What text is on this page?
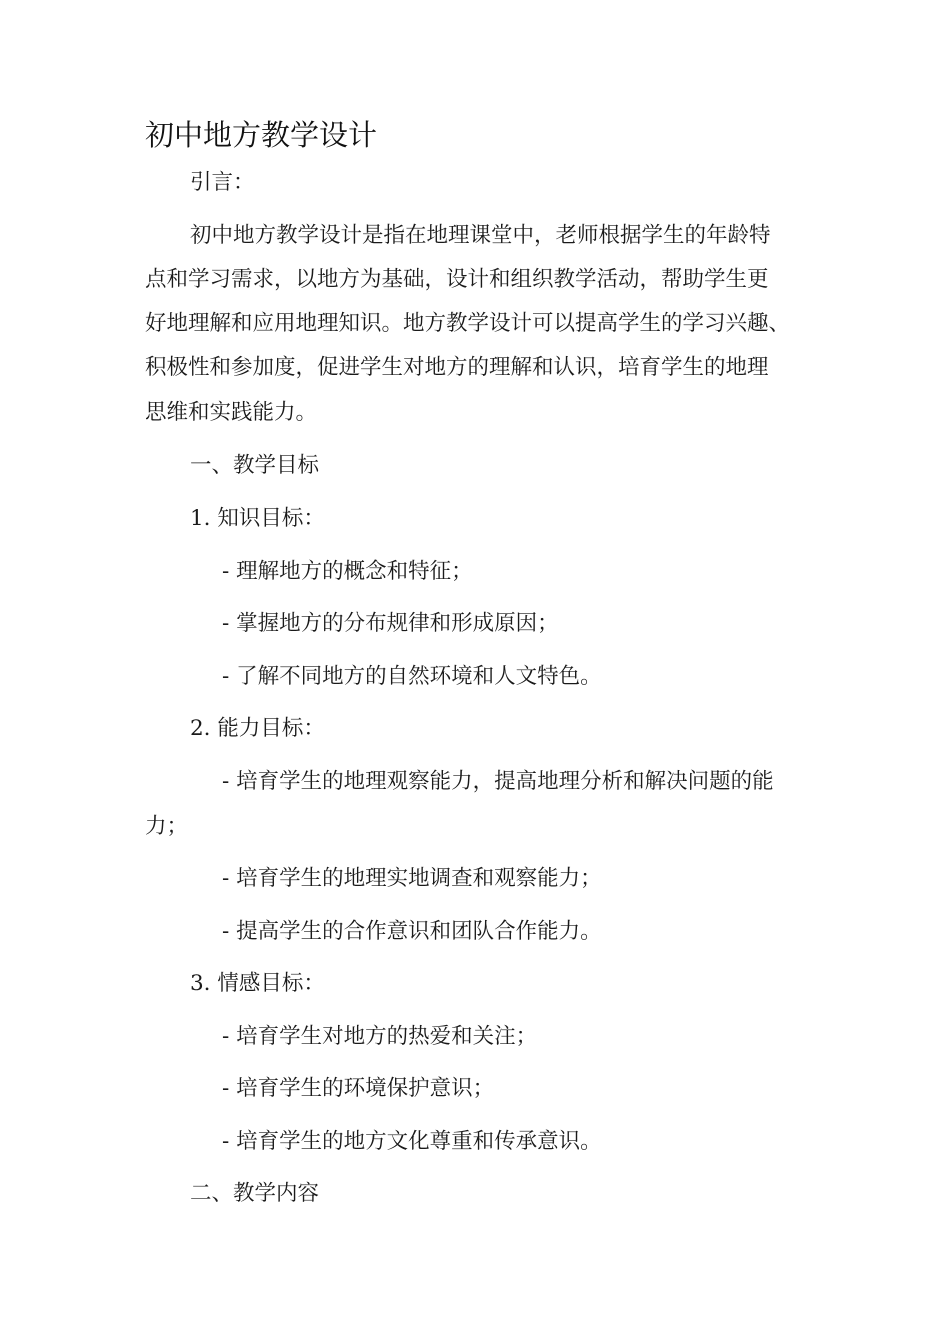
初中地方教学设计

引言：

初中地方教学设计是指在地理课堂中，老师根据学生的年龄特

点和学习需求，以地方为基础，设计和组织教学活动，帮助学生更

好地理解和应用地理知识。地方教学设计可以提高学生的学习兴趣、

积极性和参加度，促进学生对地方的理解和认识，培育学生的地理

思维和实践能力。

一、教学目标

1. 知识目标：

- 理解地方的概念和特征；

- 掌握地方的分布规律和形成原因；

- 了解不同地方的自然环境和人文特色。

2. 能力目标：

- 培育学生的地理观察能力，提高地理分析和解决问题的能

力；

- 培育学生的地理实地调查和观察能力；

- 提高学生的合作意识和团队合作能力。

3. 情感目标：

- 培育学生对地方的热爱和关注；

- 培育学生的环境保护意识；

- 培育学生的地方文化尊重和传承意识。

二、教学内容
